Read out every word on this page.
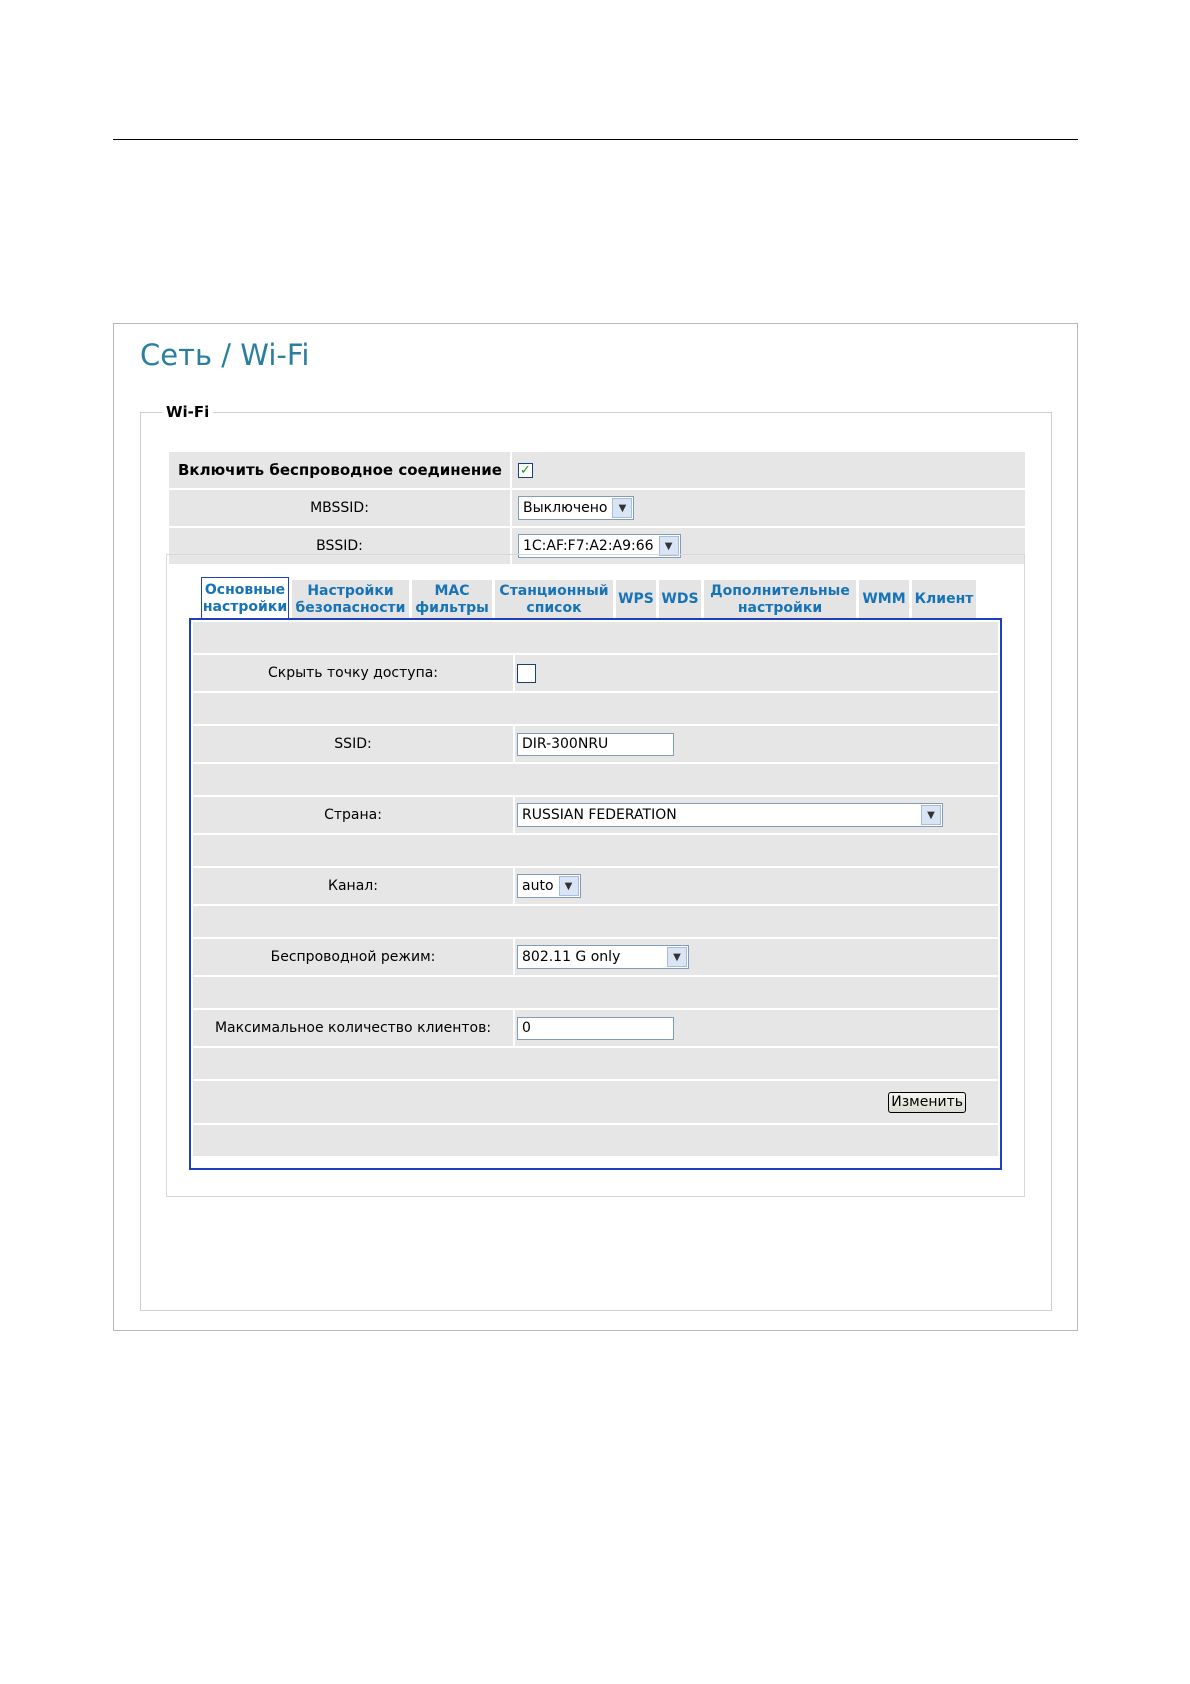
Сеть / Wi-Fi
Wi-Fi
Включить беспроводное соединение	✓
MBSSID:	Выключено	▼
BSSID:	1C:AF:F7:A2:A9:66	▼
Основные
настройки
Настройки
безопасности
MAC
фильтры
Станционный
список
WPS WDS
Дополнительные
настройки
WMM Клиент
Скрыть точку доступа:
SSID:	DIR-300NRU
Страна:	RUSSIAN FEDERATION	▼
Канал:	auto	▼
Беспроводной режим:	802.11 G only	▼
Максимальное количество клиентов:	0
Изменить
